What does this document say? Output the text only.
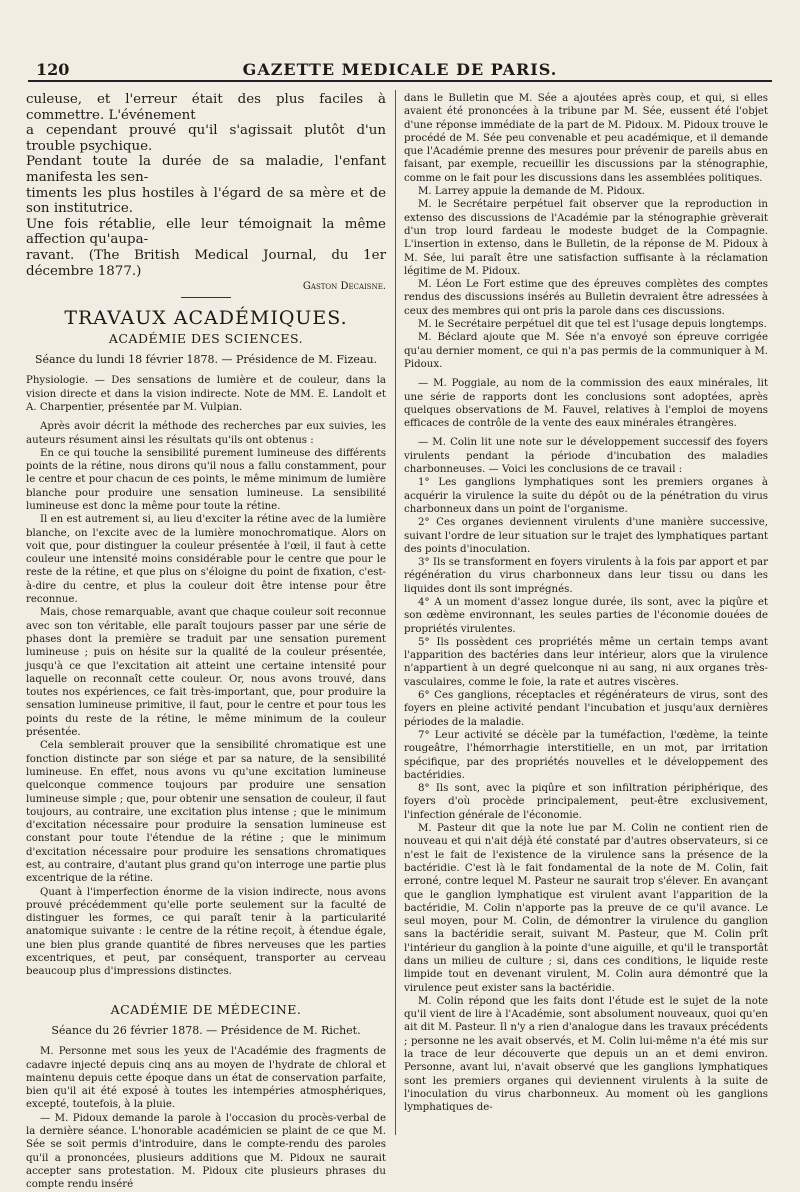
120	GAZETTE MEDICALE DE PARIS.
culeuse, et l'erreur était des plus faciles à commettre. L'événement
a cependant prouvé qu'il s'agissait plutôt d'un trouble psychique.
Pendant toute la durée de sa maladie, l'enfant manifesta les sen-
timents les plus hostiles à l'égard de sa mère et de son institutrice.
Une fois rétablie, elle leur témoignait la même affection qu'aupa-
ravant. (The British Medical Journal, du 1er décembre 1877.)
Gaston Decaisne.
TRAVAUX ACADÉMIQUES.
ACADÉMIE DES SCIENCES.
Séance du lundi 18 février 1878. — Présidence de M. Fizeau.

Physiologie. — Des sensations de lumière et de couleur, dans la vision directe et dans la vision indirecte. Note de MM. E. Landolt et A. Charpentier, présentée par M. Vulpian.

Après avoir décrit la méthode des recherches par eux suivies, les auteurs résument ainsi les résultats qu'ils ont obtenus :

En ce qui touche la sensibilité purement lumineuse des différents points de la rétine, nous dirons qu'il nous a fallu constamment, pour le centre et pour chacun de ces points, le même minimum de lumière blanche pour produire une sensation lumineuse. La sensibilité lumineuse est donc la même pour toute la rétine.

Il en est autrement si, au lieu d'exciter la rétine avec de la lumière blanche, on l'excite avec de la lumière monochromatique. Alors on voit que, pour distinguer la couleur présentée à l'œil, il faut à cette couleur une intensité moins considérable pour le centre que pour le reste de la rétine, et que plus on s'éloigne du point de fixation, c'est-à-dire du centre, et plus la couleur doit être intense pour être reconnue.

Mais, chose remarquable, avant que chaque couleur soit reconnue avec son ton véritable, elle paraît toujours passer par une série de phases dont la première se traduit par une sensation purement lumineuse ; puis on hésite sur la qualité de la couleur présentée, jusqu'à ce que l'excitation ait atteint une certaine intensité pour laquelle on reconnaît cette couleur. Or, nous avons trouvé, dans toutes nos expériences, ce fait très-important, que, pour produire la sensation lumineuse primitive, il faut, pour le centre et pour tous les points du reste de la rétine, le même minimum de la couleur présentée.

Cela semblerait prouver que la sensibilité chromatique est une fonction distincte par son siége et par sa nature, de la sensibilité lumineuse. En effet, nous avons vu qu'une excitation lumineuse quelconque commence toujours par produire une sensation lumineuse simple ; que, pour obtenir une sensation de couleur, il faut toujours, au contraire, une excitation plus intense ; que le minimum d'excitation nécessaire pour produire la sensation lumineuse est constant pour toute l'étendue de la rétine ; que le minimum d'excitation nécessaire pour produire les sensations chromatiques est, au contraire, d'autant plus grand qu'on interroge une partie plus excentrique de la rétine.

Quant à l'imperfection énorme de la vision indirecte, nous avons prouvé précédemment qu'elle porte seulement sur la faculté de distinguer les formes, ce qui paraît tenir à la particularité anatomique suivante : le centre de la rétine reçoit, à étendue égale, une bien plus grande quantité de fibres nerveuses que les parties excentriques, et peut, par conséquent, transporter au cerveau beaucoup plus d'impressions distinctes.

ACADÉMIE DE MÉDECINE.
Séance du 26 février 1878. — Présidence de M. Richet.

M. Personne met sous les yeux de l'Académie des fragments de cadavre injecté depuis cinq ans au moyen de l'hydrate de chloral et maintenu depuis cette époque dans un état de conservation parfaite, bien qu'il ait été exposé à toutes les intempéries atmosphériques, excepté, toutefois, à la pluie.

— M. Pidoux demande la parole à l'occasion du procès-verbal de la dernière séance. L'honorable académicien se plaint de ce que M. Sée se soit permis d'introduire, dans le compte-rendu des paroles qu'il a prononcées, plusieurs additions que M. Pidoux ne saurait accepter sans protestation. M. Pidoux cite plusieurs phrases du compte rendu inséré

dans le Bulletin que M. Sée a ajoutées après coup, et qui, si elles avaient été prononcées à la tribune par M. Sée, eussent été l'objet d'une réponse immédiate de la part de M. Pidoux. M. Pidoux trouve le procédé de M. Sée peu convenable et peu académique, et il demande que l'Académie prenne des mesures pour prévenir de pareils abus en faisant, par exemple, recueillir les discussions par la sténographie, comme on le fait pour les discussions dans les assemblées politiques.

M. Larrey appuie la demande de M. Pidoux.

M. le Secrétaire perpétuel fait observer que la reproduction in extenso des discussions de l'Académie par la sténographie grèverait d'un trop lourd fardeau le modeste budget de la Compagnie. L'insertion in extenso, dans le Bulletin, de la réponse de M. Pidoux à M. Sée, lui paraît être une satisfaction suffisante à la réclamation légitime de M. Pidoux.

M. Léon Le Fort estime que des épreuves complètes des comptes rendus des discussions insérés au Bulletin devraient être adressées à ceux des membres qui ont pris la parole dans ces discussions.

M. le Secrétaire perpétuel dit que tel est l'usage depuis longtemps.

M. Béclard ajoute que M. Sée n'a envoyé son épreuve corrigée qu'au dernier moment, ce qui n'a pas permis de la communiquer à M. Pidoux.

— M. Poggiale, au nom de la commission des eaux minérales, lit une série de rapports dont les conclusions sont adoptées, après quelques observations de M. Fauvel, relatives à l'emploi de moyens efficaces de contrôle de la vente des eaux minérales étrangères.

— M. Colin lit une note sur le développement successif des foyers virulents pendant la période d'incubation des maladies charbonneuses. — Voici les conclusions de ce travail :

1° Les ganglions lymphatiques sont les premiers organes à acquérir la virulence la suite du dépôt ou de la pénétration du virus charbonneux dans un point de l'organisme.

2° Ces organes deviennent virulents d'une manière successive, suivant l'ordre de leur situation sur le trajet des lymphatiques partant des points d'inoculation.

3° Ils se transforment en foyers virulents à la fois par apport et par régénération du virus charbonneux dans leur tissu ou dans les liquides dont ils sont imprégnés.

4° A un moment d'assez longue durée, ils sont, avec la piqûre et son œdème environnant, les seules parties de l'économie douées de propriétés virulentes.

5° Ils possèdent ces propriétés même un certain temps avant l'apparition des bactéries dans leur intérieur, alors que la virulence n'appartient à un degré quelconque ni au sang, ni aux organes très-vasculaires, comme le foie, la rate et autres viscères.

6° Ces ganglions, réceptacles et régénérateurs de virus, sont des foyers en pleine activité pendant l'incubation et jusqu'aux dernières périodes de la maladie.

7° Leur activité se décèle par la tuméfaction, l'œdème, la teinte rougeâtre, l'hémorrhagie interstitielle, en un mot, par irritation spécifique, par des propriétés nouvelles et le développement des bactéridies.

8° Ils sont, avec la piqûre et son infiltration périphérique, des foyers d'où procède principalement, peut-être exclusivement, l'infection générale de l'économie.

M. Pasteur dit que la note lue par M. Colin ne contient rien de nouveau et qui n'ait déjà été constaté par d'autres observateurs, si ce n'est le fait de l'existence de la virulence sans la présence de la bactéridie. C'est là le fait fondamental de la note de M. Colin, fait erroné, contre lequel M. Pasteur ne saurait trop s'élever. En avançant que le ganglion lymphatique est virulent avant l'apparition de la bactéridie, M. Colin n'apporte pas la preuve de ce qu'il avance. Le seul moyen, pour M. Colin, de démontrer la virulence du ganglion sans la bactéridie serait, suivant M. Pasteur, que M. Colin prît l'intérieur du ganglion à la pointe d'une aiguille, et qu'il le transportât dans un milieu de culture ; si, dans ces conditions, le liquide reste limpide tout en devenant virulent, M. Colin aura démontré que la virulence peut exister sans la bactéridie.

M. Colin répond que les faits dont l'étude est le sujet de la note qu'il vient de lire à l'Académie, sont absolument nouveaux, quoi qu'en ait dit M. Pasteur. Il n'y a rien d'analogue dans les travaux précédents ; personne ne les avait observés, et M. Colin lui-même n'a été mis sur la trace de leur découverte que depuis un an et demi environ. Personne, avant lui, n'avait observé que les ganglions lymphatiques sont les premiers organes qui deviennent virulents à la suite de l'inoculation du virus charbonneux. Au moment où les ganglions lymphatiques de-
